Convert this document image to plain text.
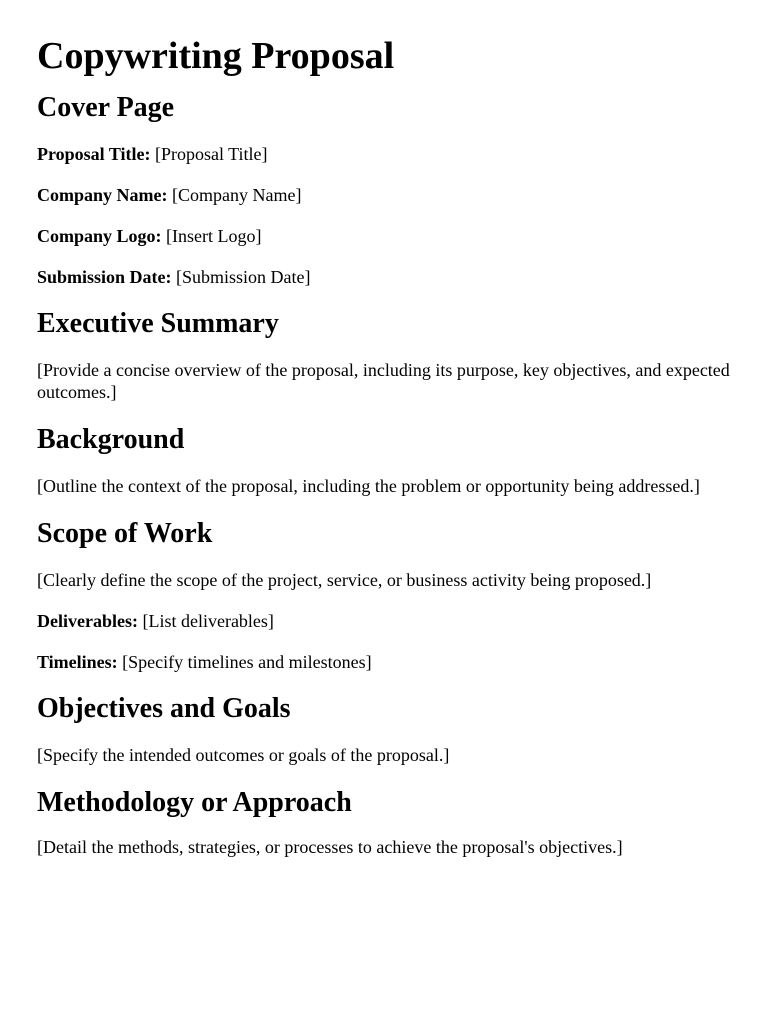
Copywriting Proposal
Cover Page

Proposal Title: [Proposal Title]

Company Name: [Company Name]

Company Logo: [Insert Logo]

Submission Date: [Submission Date]

Executive Summary

[Provide a concise overview of the proposal, including its purpose, key objectives, and expected outcomes.]

Background

[Outline the context of the proposal, including the problem or opportunity being addressed.]

Scope of Work

[Clearly define the scope of the project, service, or business activity being proposed.]

Deliverables: [List deliverables]

Timelines: [Specify timelines and milestones]

Objectives and Goals

[Specify the intended outcomes or goals of the proposal.]

Methodology or Approach

[Detail the methods, strategies, or processes to achieve the proposal's objectives.]
